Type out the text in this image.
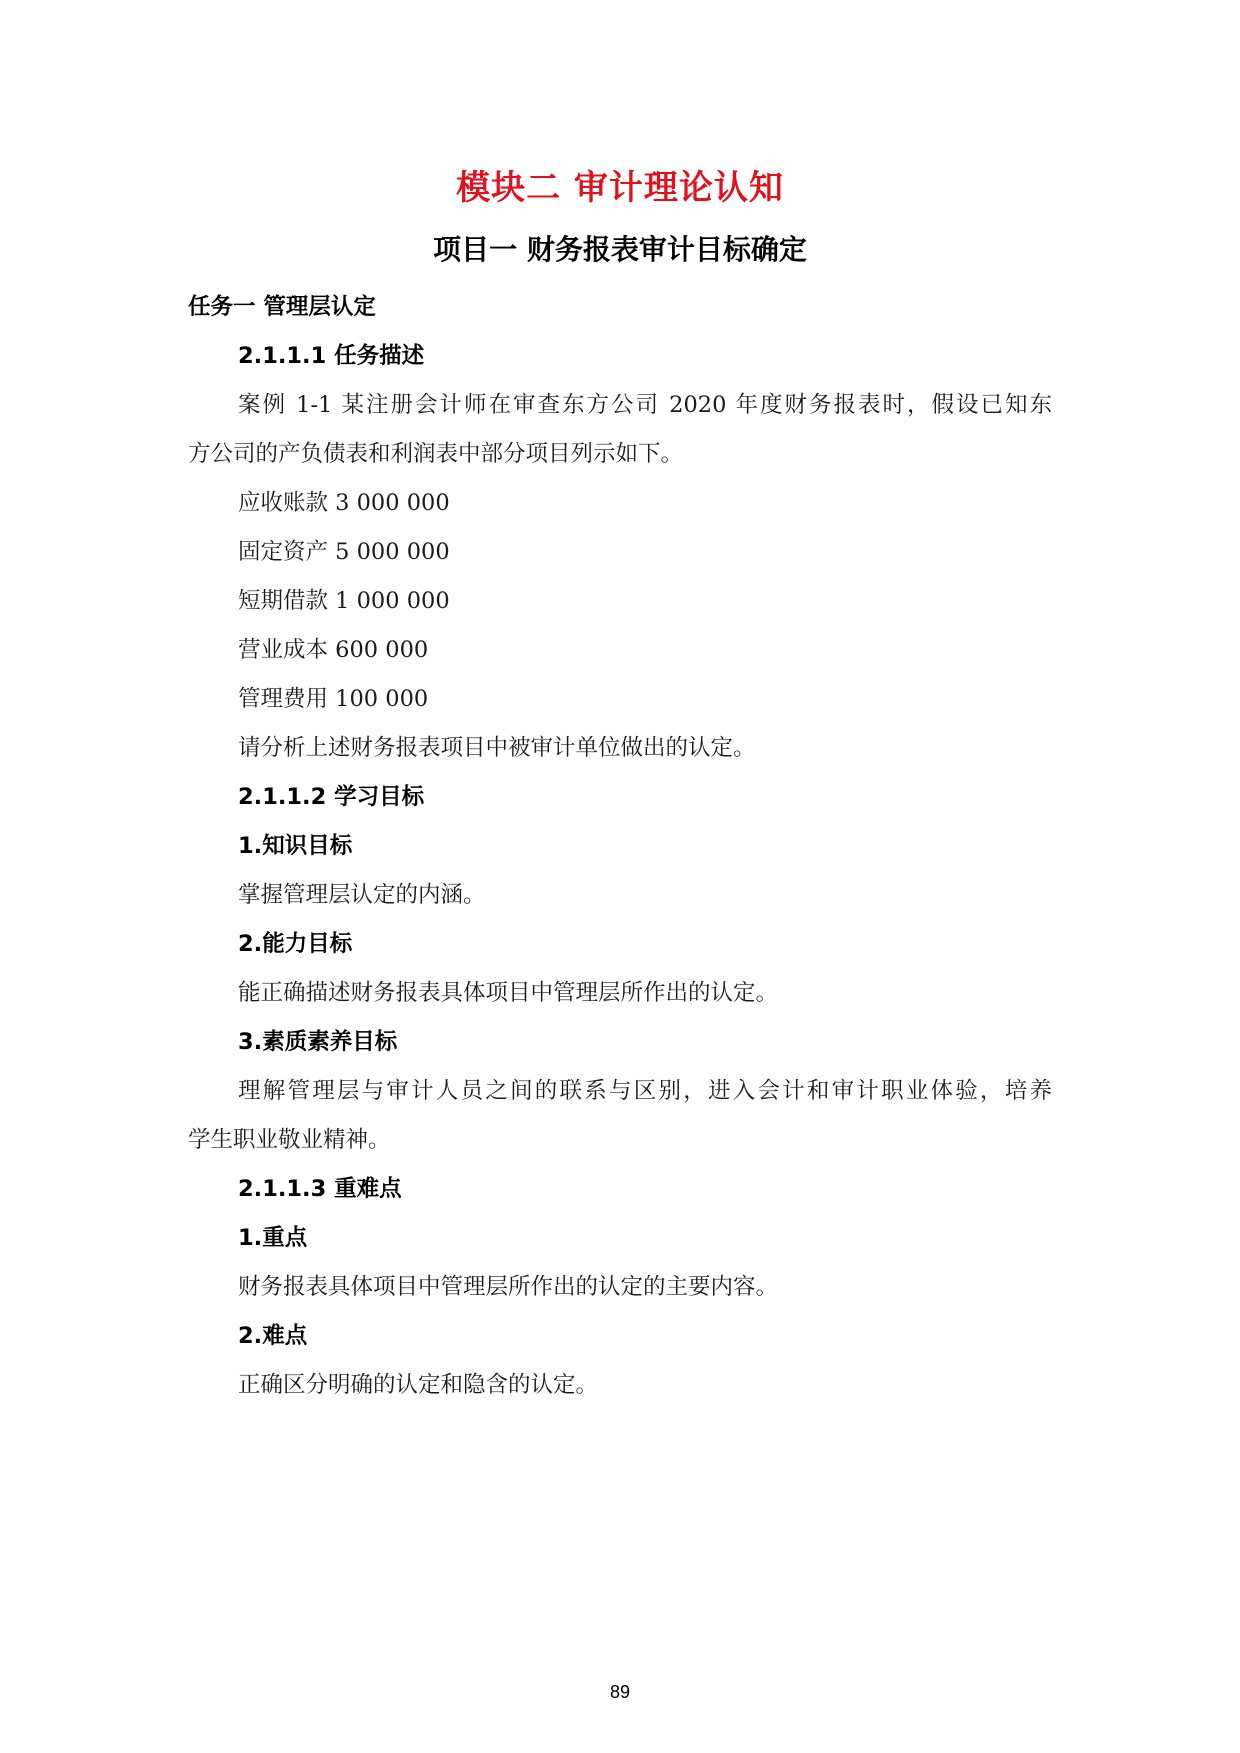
模块二 审计理论认知
项目一 财务报表审计目标确定
任务一 管理层认定
2.1.1.1 任务描述
案例 1-1 某注册会计师在审查东方公司 2020 年度财务报表时，假设已知东
方公司的产负债表和利润表中部分项目列示如下。
应收账款 3 000 000
固定资产 5 000 000
短期借款 1 000 000
营业成本 600 000
管理费用 100 000
请分析上述财务报表项目中被审计单位做出的认定。
2.1.1.2 学习目标
1.知识目标
掌握管理层认定的内涵。
2.能力目标
能正确描述财务报表具体项目中管理层所作出的认定。
3.素质素养目标
理解管理层与审计人员之间的联系与区别，进入会计和审计职业体验，培养
学生职业敬业精神。
2.1.1.3 重难点
1.重点
财务报表具体项目中管理层所作出的认定的主要内容。
2.难点
正确区分明确的认定和隐含的认定。
89
